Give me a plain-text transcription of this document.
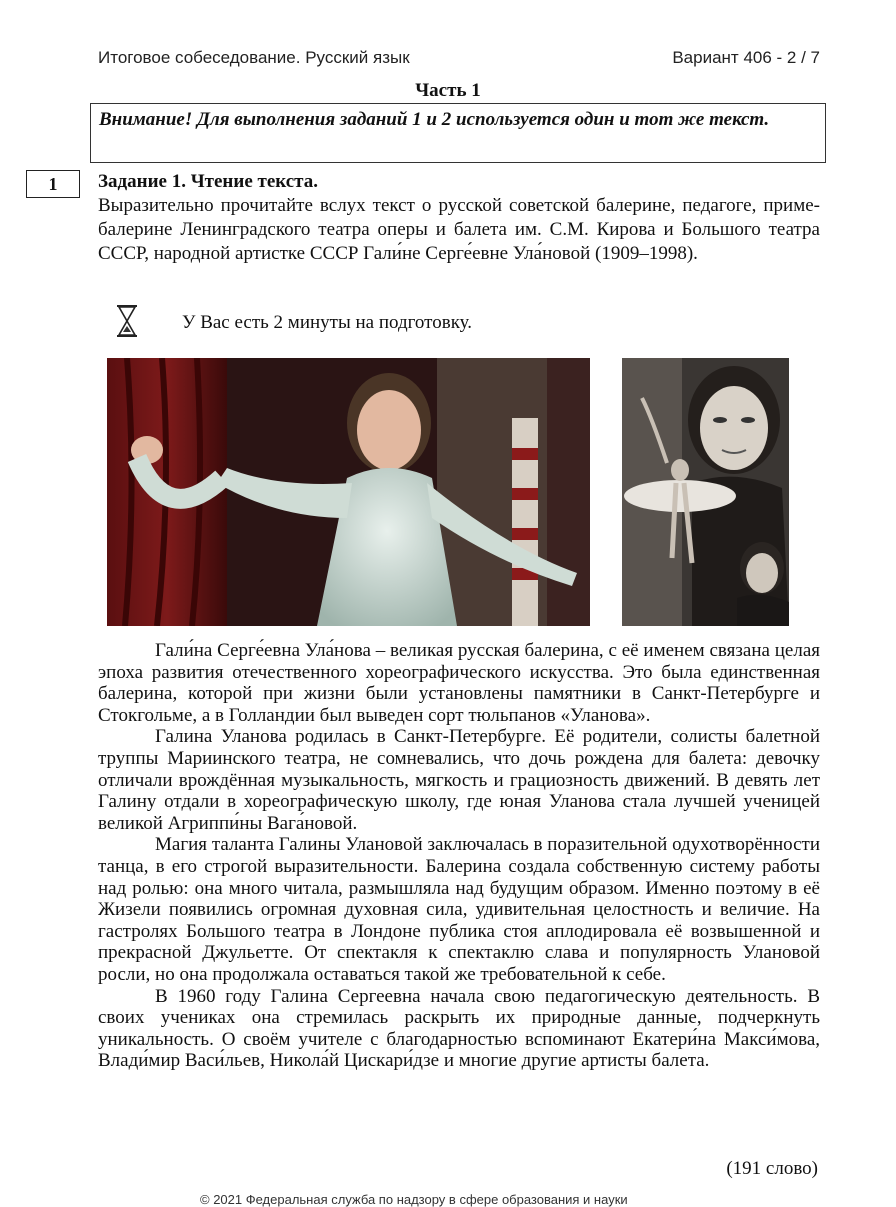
Итоговое собеседование. Русский язык	Вариант 406 - 2 / 7
Часть 1
Внимание! Для выполнения заданий 1 и 2 используется один и тот же текст.
1	Задание 1. Чтение текста.
Выразительно прочитайте вслух текст о русской советской балерине, педагоге, приме-балерине Ленинградского театра оперы и балета им. С.М. Кирова и Большого театра СССР, народной артистке СССР Гали́не Серге́евне Ула́новой (1909–1998).
У Вас есть 2 минуты на подготовку.

Гали́на Серге́евна Ула́нова – великая русская балерина, с её именем связана целая эпоха развития отечественного хореографического искусства. Это была единственная балерина, которой при жизни были установлены памятники в Санкт-Петербурге и Стокгольме, а в Голландии был выведен сорт тюльпанов «Уланова».

Галина Уланова родилась в Санкт-Петербурге. Её родители, солисты балетной труппы Мариинского театра, не сомневались, что дочь рождена для балета: девочку отличали врождённая музыкальность, мягкость и грациозность движений. В девять лет Галину отдали в хореографическую школу, где юная Уланова стала лучшей ученицей великой Агриппи́ны Вага́новой.

Магия таланта Галины Улановой заключалась в поразительной одухотворённости танца, в его строгой выразительности. Балерина создала собственную систему работы над ролью: она много читала, размышляла над будущим образом. Именно поэтому в её Жизели появились огромная духовная сила, удивительная целостность и величие. На гастролях Большого театра в Лондоне публика стоя аплодировала её возвышенной и прекрасной Джульетте. От спектакля к спектаклю слава и популярность Улановой росли, но она продолжала оставаться такой же требовательной к себе.

В 1960 году Галина Сергеевна начала свою педагогическую деятельность. В своих учениках она стремилась раскрыть их природные данные, подчеркнуть уникальность. О своём учителе с благодарностью вспоминают Екатери́на Макси́мова, Влади́мир Васи́льев, Никола́й Цискари́дзе и многие другие артисты балета.

(191 слово)
© 2021 Федеральная служба по надзору в сфере образования и науки
